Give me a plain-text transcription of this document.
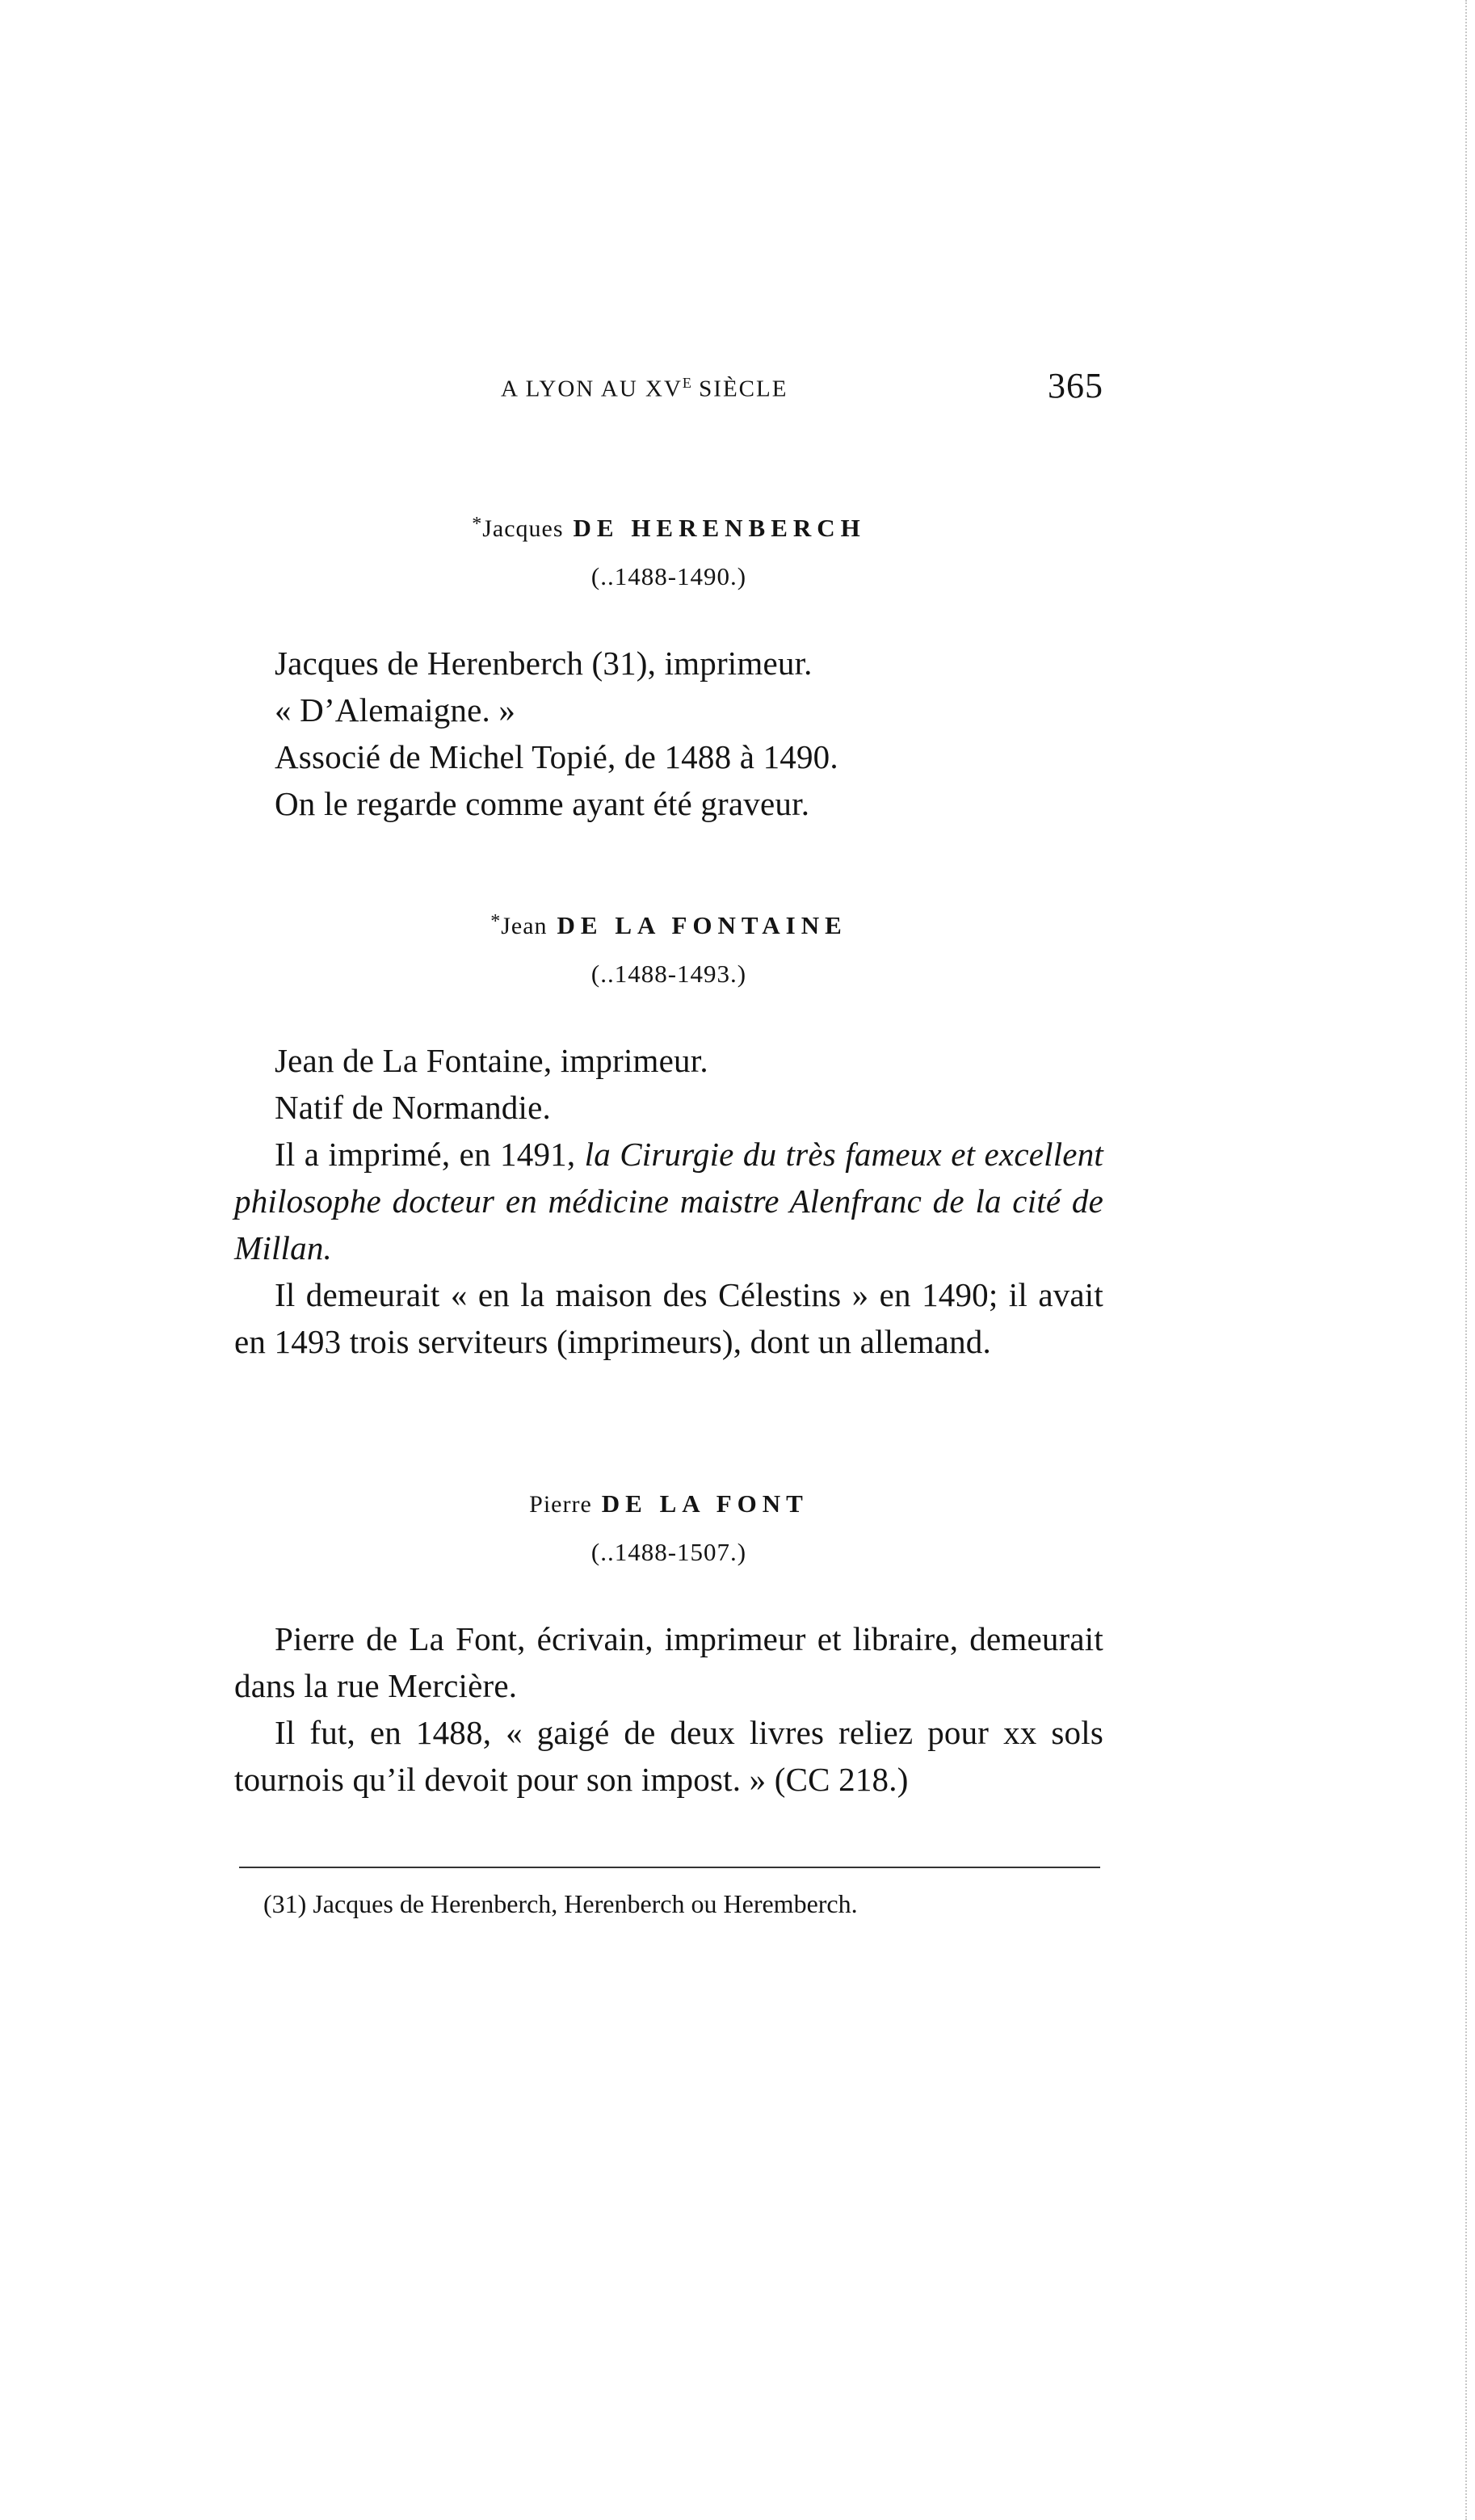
A LYON AU $XV^E$ SIÈCLE	365
*Jacques DE HERENBERCH
(..1488-1490.)

Jacques de Herenberch (31), imprimeur.

« D’Alemaigne. »

Associé de Michel Topié, de 1488 à 1490.

On le regarde comme ayant été graveur.

*Jean DE LA FONTAINE
(..1488-1493.)

Jean de La Fontaine, imprimeur.

Natif de Normandie.

Il a imprimé, en 1491, la Cirurgie du très fameux et excellent philosophe docteur en médicine maistre Alenfranc de la cité de Millan.

Il demeurait « en la maison des Célestins » en 1490; il avait en 1493 trois serviteurs (imprimeurs), dont un allemand.

Pierre DE LA FONT
(..1488-1507.)

Pierre de La Font, écrivain, imprimeur et libraire, demeurait dans la rue Mercière.

Il fut, en 1488, « gaigé de deux livres reliez pour xx sols tournois qu’il devoit pour son impost. » (CC 218.)

(31) Jacques de Herenberch, Herenberch ou Heremberch.
